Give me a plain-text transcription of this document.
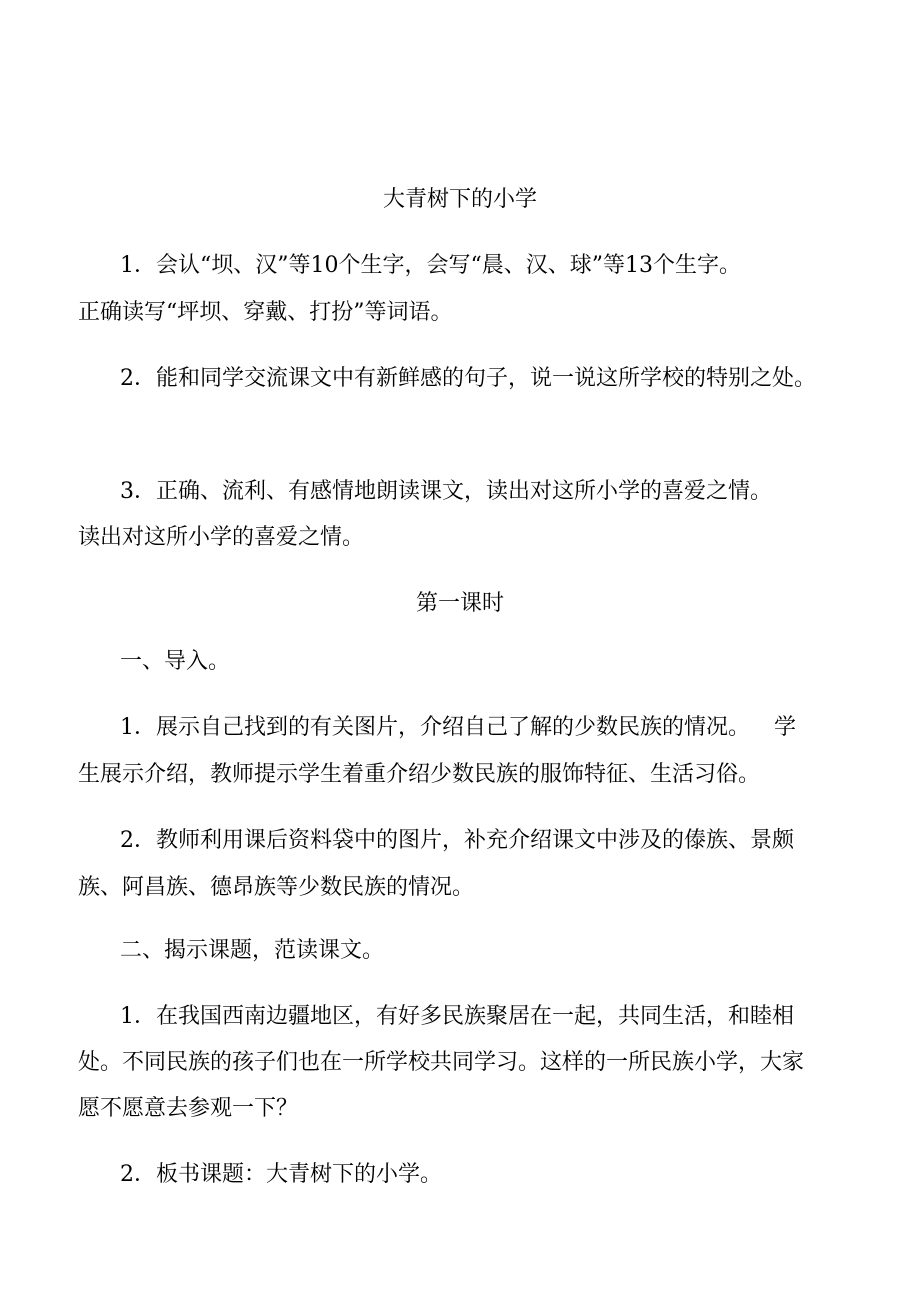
大青树下的小学

1．会认“坝、汉”等10个生字，会写“晨、汉、球”等13个生字。

正确读写“坪坝、穿戴、打扮”等词语。

2．能和同学交流课文中有新鲜感的句子，说一说这所学校的特别之处。

3．正确、流利、有感情地朗读课文，读出对这所小学的喜爱之情。

读出对这所小学的喜爱之情。

第一课时

一、导入。

1．展示自己找到的有关图片，介绍自己了解的少数民族的情况。 学

生展示介绍，教师提示学生着重介绍少数民族的服饰特征、生活习俗。

2．教师利用课后资料袋中的图片，补充介绍课文中涉及的傣族、景颇

族、阿昌族、德昂族等少数民族的情况。

二、揭示课题，范读课文。

1．在我国西南边疆地区，有好多民族聚居在一起，共同生活，和睦相

处。不同民族的孩子们也在一所学校共同学习。这样的一所民族小学，大家

愿不愿意去参观一下？

2．板书课题：大青树下的小学。
